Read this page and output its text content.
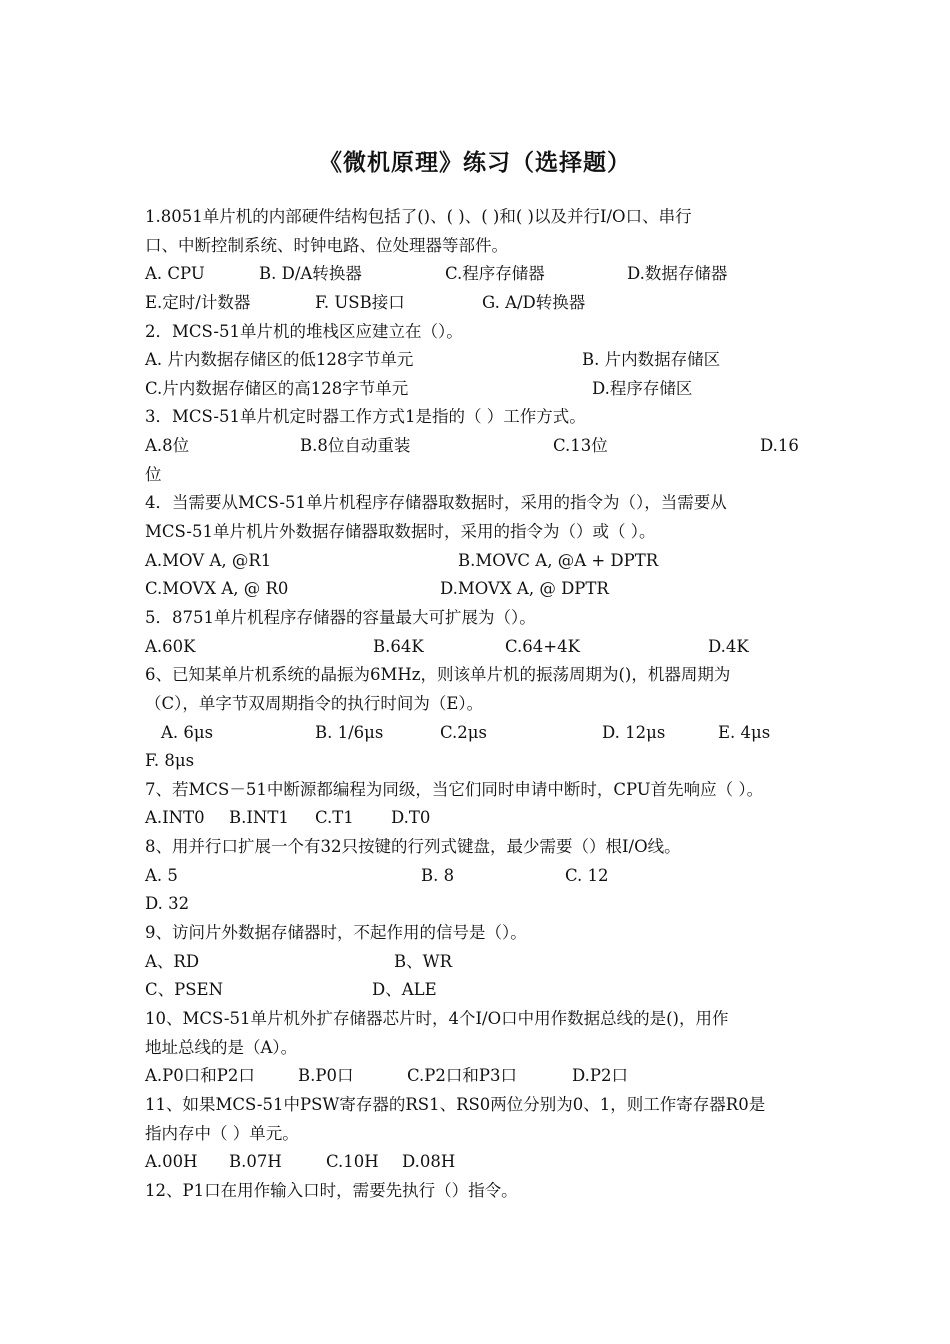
《微机原理》练习（选择题）
1.8051单片机的内部硬件结构包括了()、( )、( )和( )以及并行I/O口、串行
口、中断控制系统、时钟电路、位处理器等部件。
A. CPU	B. D/A转换器	C.程序存储器	D.数据存储器
E.定时/计数器	F. USB接口	G. A/D转换器
2．MCS-51单片机的堆栈区应建立在（）。
A. 片内数据存储区的低128字节单元	B. 片内数据存储区
C.片内数据存储区的高128字节单元	D.程序存储区
3．MCS-51单片机定时器工作方式1是指的（ ）工作方式。
A.8位	B.8位自动重装	C.13位	D.16
位
4．当需要从MCS-51单片机程序存储器取数据时，采用的指令为（），当需要从
MCS-51单片机片外数据存储器取数据时，采用的指令为（）或（ ）。
A.MOV A, @R1	B.MOVC A, @A + DPTR
C.MOVX A, @ R0	D.MOVX A, @ DPTR
5．8751单片机程序存储器的容量最大可扩展为（）。
A.60K	B.64K	C.64+4K	D.4K
6、已知某单片机系统的晶振为6MHz，则该单片机的振荡周期为()，机器周期为
（C），单字节双周期指令的执行时间为（E）。
A. 6μs	B. 1/6μs	C.2μs	D. 12μs	E. 4μs
F. 8μs
7、若MCS－51中断源都编程为同级，当它们同时申请中断时，CPU首先响应（ ）。
A.INT0 B.INT1 C.T1 D.T0
8、用并行口扩展一个有32只按键的行列式键盘，最少需要（）根I/O线。
A. 5	B. 8	C. 12
D. 32
9、访问片外数据存储器时，不起作用的信号是（）。
A、RD	B、WR
C、PSEN	D、ALE
10、MCS-51单片机外扩存储器芯片时，4个I/O口中用作数据总线的是()，用作
地址总线的是（A）。
A.P0口和P2口	B.P0口	C.P2口和P3口	D.P2口
11、如果MCS-51中PSW寄存器的RS1、RS0两位分别为0、1，则工作寄存器R0是
指内存中（ ）单元。
A.00H B.07H	C.10H D.08H
12、P1口在用作输入口时，需要先执行（）指令。
